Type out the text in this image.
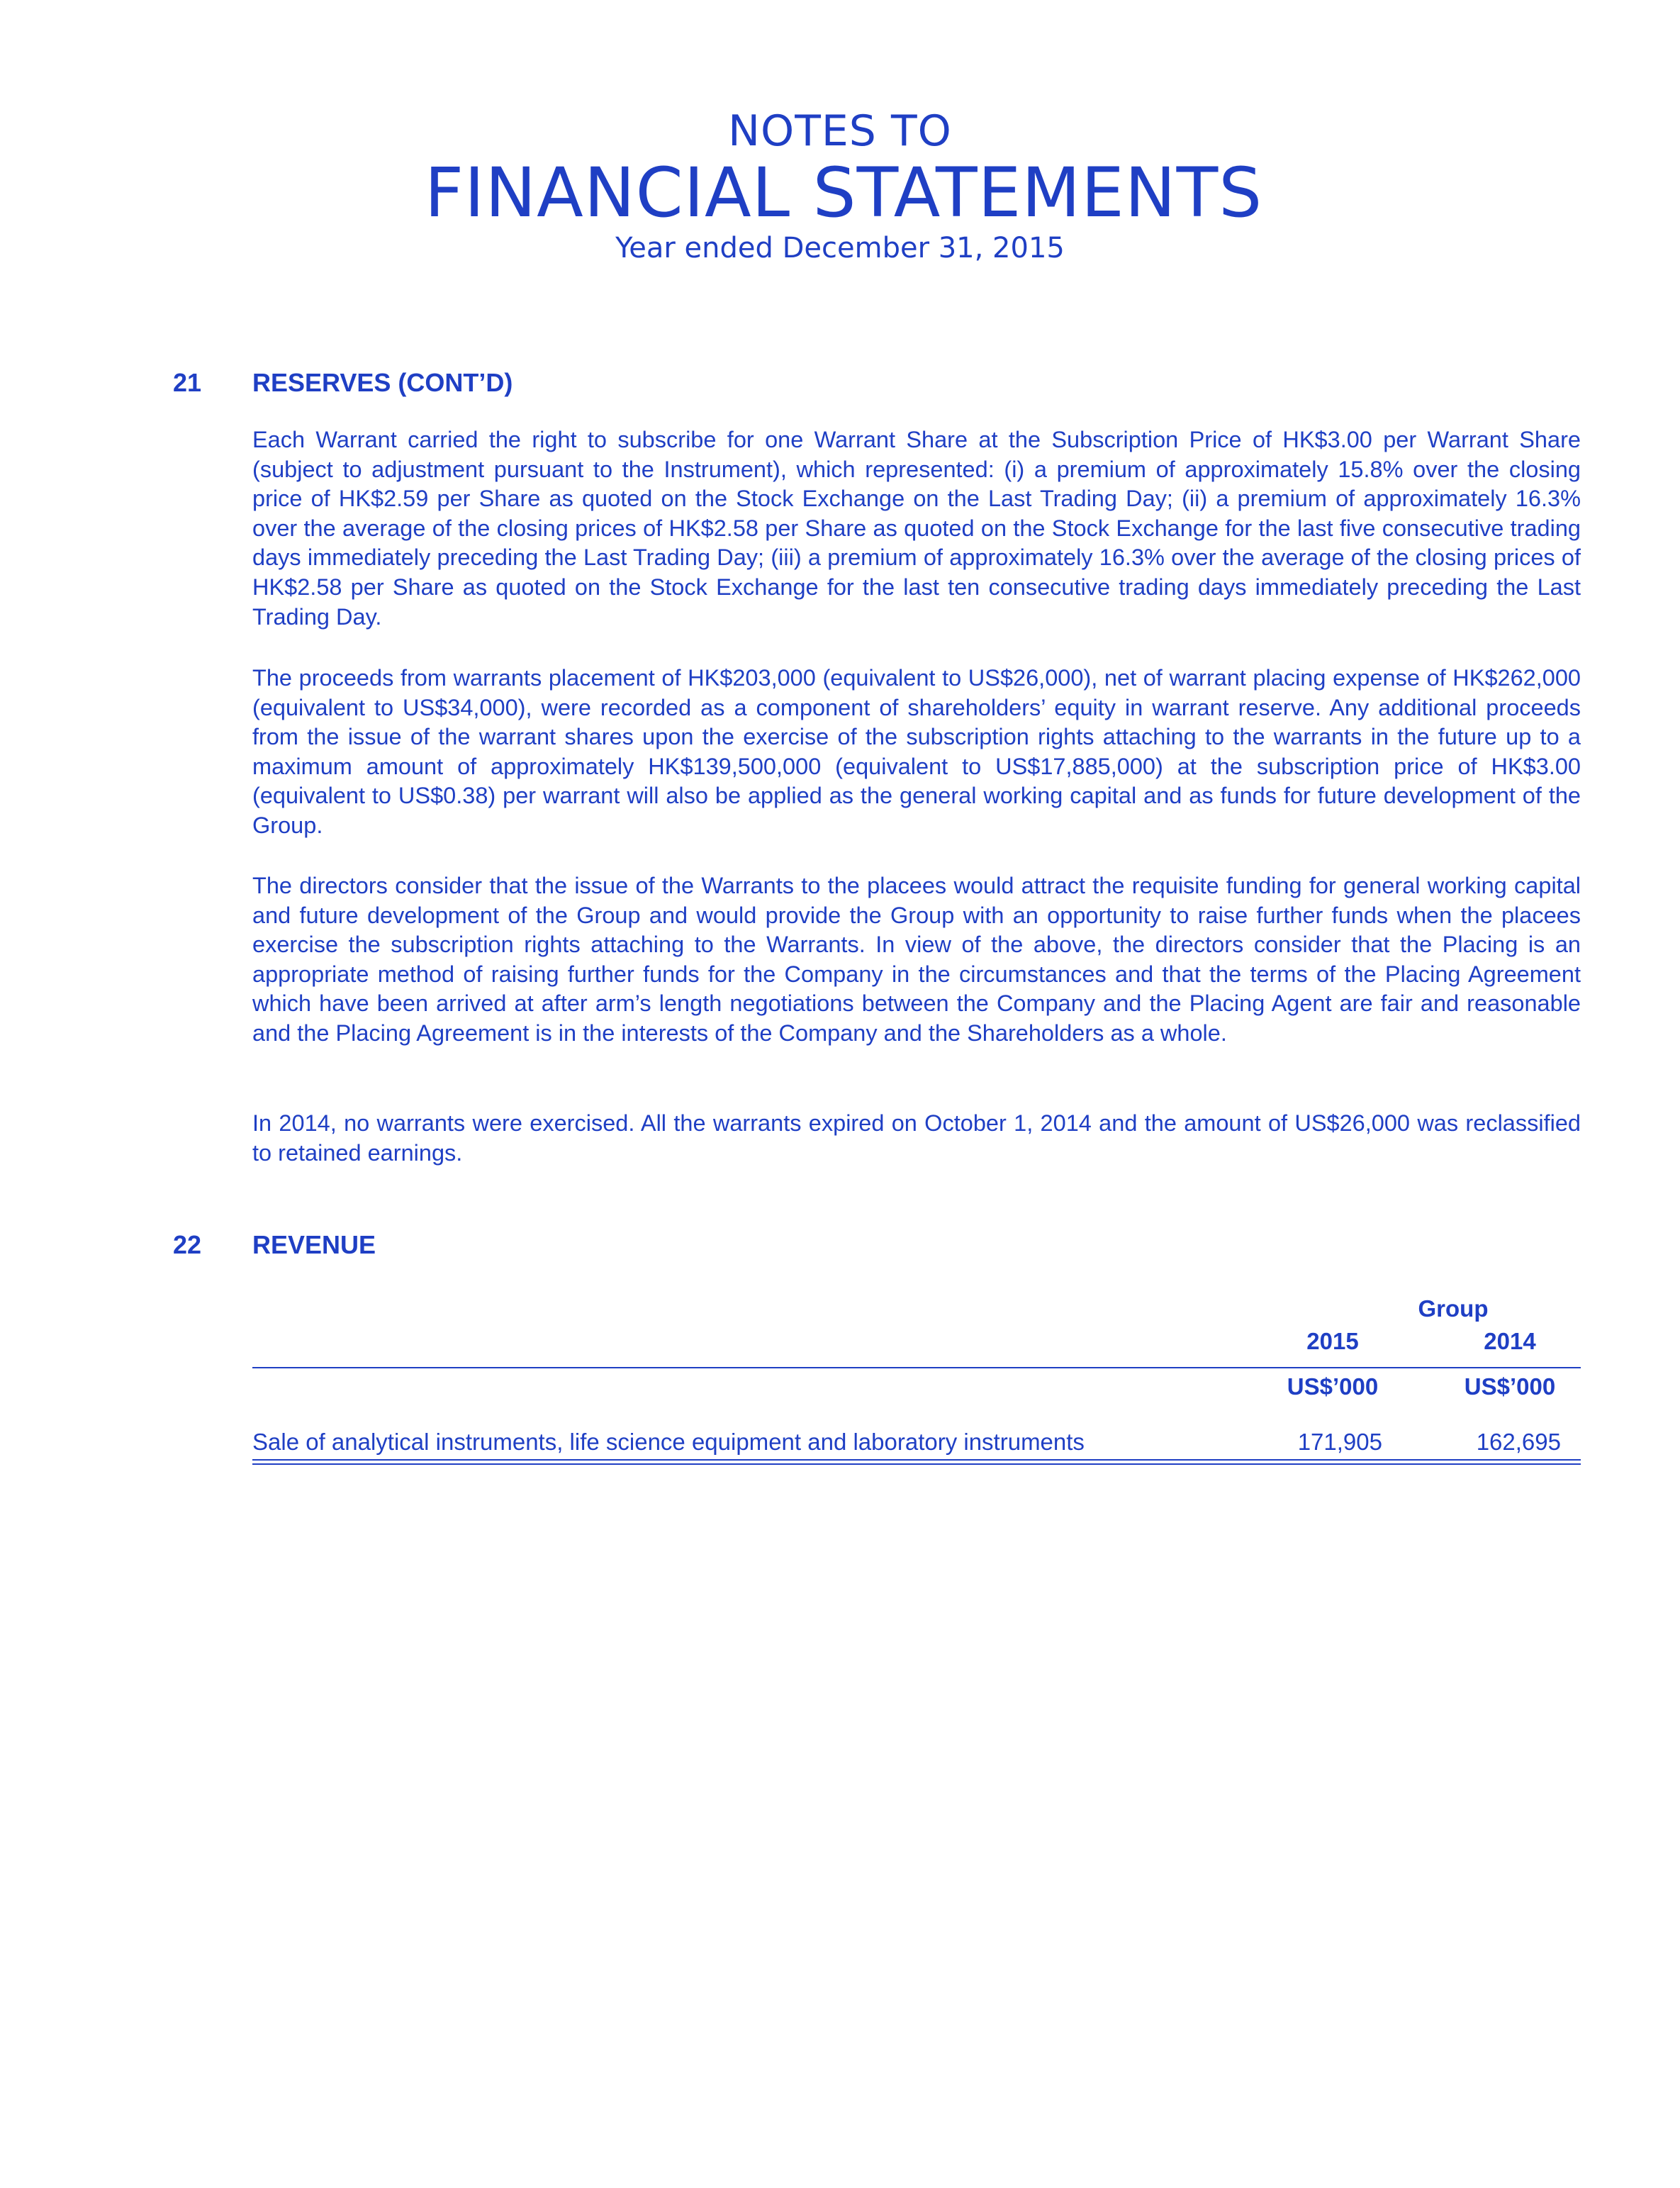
NOTES TO
FINANCIAL STATEMENTS
Year ended December 31, 2015
21 RESERVES (CONT’D)
Each Warrant carried the right to subscribe for one Warrant Share at the Subscription Price of HK$3.00 per Warrant Share (subject to adjustment pursuant to the Instrument), which represented: (i) a premium of approximately 15.8% over the closing price of HK$2.59 per Share as quoted on the Stock Exchange on the Last Trading Day; (ii) a premium of approximately 16.3% over the average of the closing prices of HK$2.58 per Share as quoted on the Stock Exchange for the last five consecutive trading days immediately preceding the Last Trading Day; (iii) a premium of approximately 16.3% over the average of the closing prices of HK$2.58 per Share as quoted on the Stock Exchange for the last ten consecutive trading days immediately preceding the Last Trading Day.
The proceeds from warrants placement of HK$203,000 (equivalent to US$26,000), net of warrant placing expense of HK$262,000 (equivalent to US$34,000), were recorded as a component of shareholders’ equity in warrant reserve. Any additional proceeds from the issue of the warrant shares upon the exercise of the subscription rights attaching to the warrants in the future up to a maximum amount of approximately HK$139,500,000 (equivalent to US$17,885,000) at the subscription price of HK$3.00 (equivalent to US$0.38) per warrant will also be applied as the general working capital and as funds for future development of the Group.
The directors consider that the issue of the Warrants to the placees would attract the requisite funding for general working capital and future development of the Group and would provide the Group with an opportunity to raise further funds when the placees exercise the subscription rights attaching to the Warrants. In view of the above, the directors consider that the Placing is an appropriate method of raising further funds for the Company in the circumstances and that the terms of the Placing Agreement which have been arrived at after arm’s length negotiations between the Company and the Placing Agent are fair and reasonable and the Placing Agreement is in the interests of the Company and the Shareholders as a whole.
In 2014, no warrants were exercised. All the warrants expired on October 1, 2014 and the amount of US$26,000 was reclassified to retained earnings.
22 REVENUE
Group
2015	2014
US$’000	US$’000
Sale of analytical instruments, life science equipment and laboratory instruments	171,905	162,695
